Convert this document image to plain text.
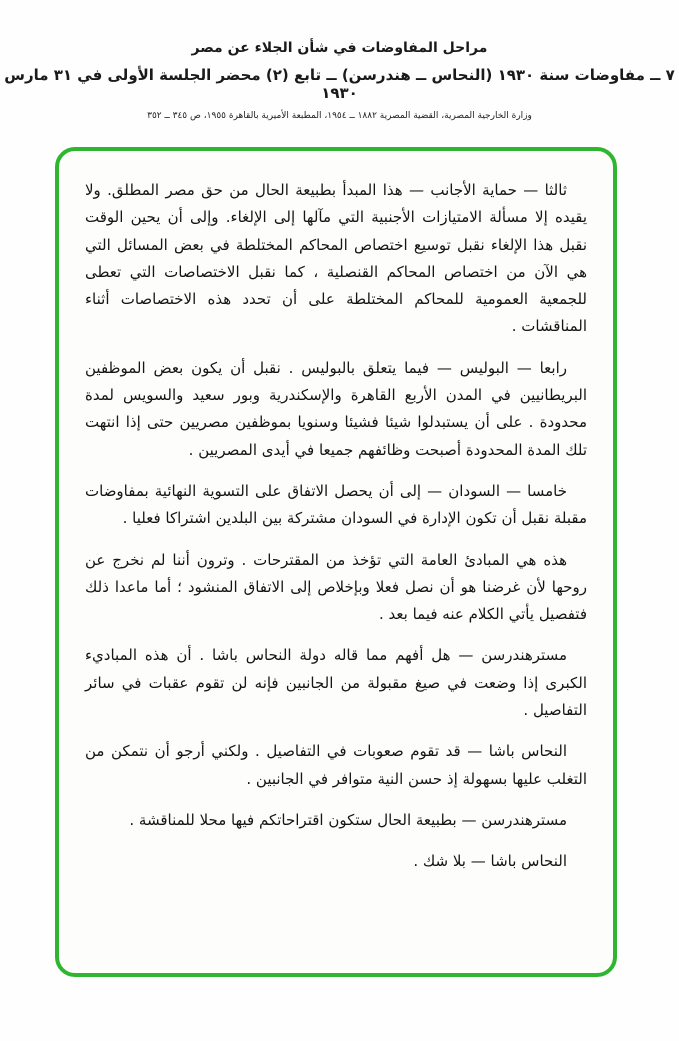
مراحل المفاوضات في شأن الجلاء عن مصر
٧ ــ مفاوضات سنة ١٩٣٠ (النحاس ــ هندرسن) ــ تابع (٢) محضر الجلسة الأولى في ٣١ مارس ١٩٣٠
وزارة الخارجية المصرية، القضية المصرية ١٨٨٢ ــ ١٩٥٤، المطبعة الأميرية بالقاهرة ١٩٥٥، ص ٣٤٥ ــ ٣٥٢

ثالثا — حماية الأجانب — هذا المبدأ بطبيعة الحال من حق مصر المطلق. ولا يقيده إلا مسألة الامتيازات الأجنبية التي مآلها إلى الإلغاء. وإلى أن يحين الوقت نقبل هذا الإلغاء نقبل توسيع اختصاص المحاكم المختلطة في بعض المسائل التي هي الآن من اختصاص المحاكم القنصلية ، كما نقبل الاختصاصات التي تعطى للجمعية العمومية للمحاكم المختلطة على أن تحدد هذه الاختصاصات أثناء المناقشات .

رابعا — البوليس — فيما يتعلق بالبوليس . نقبل أن يكون بعض الموظفين البريطانيين في المدن الأربع القاهرة والإسكندرية وبور سعيد والسويس لمدة محدودة . على أن يستبدلوا شيئا فشيئا وسنويا بموظفين مصريين حتى إذا انتهت تلك المدة المحدودة أصبحت وظائفهم جميعا في أيدى المصريين .

خامسا — السودان — إلى أن يحصل الاتفاق على التسوية النهائية بمفاوضات مقبلة نقبل أن تكون الإدارة في السودان مشتركة بين البلدين اشتراكا فعليا .

هذه هي المبادئ العامة التي تؤخذ من المقترحات . وترون أننا لم نخرج عن روحها لأن غرضنا هو أن نصل فعلا وبإخلاص إلى الاتفاق المنشود ؛ أما ماعدا ذلك فتفصيل يأتي الكلام عنه فيما بعد .

مسترهندرسن — هل أفهم مما قاله دولة النحاس باشا . أن هذه المباديء الكبرى إذا وضعت في صيغ مقبولة من الجانبين فإنه لن تقوم عقبات في سائر التفاصيل .

النحاس باشا — قد تقوم صعوبات في التفاصيل . ولكني أرجو أن نتمكن من التغلب عليها بسهولة إذ حسن النية متوافر في الجانبين .

مسترهندرسن — بطبيعة الحال ستكون اقتراحاتكم فيها محلا للمناقشة .

النحاس باشا — بلا شك .
